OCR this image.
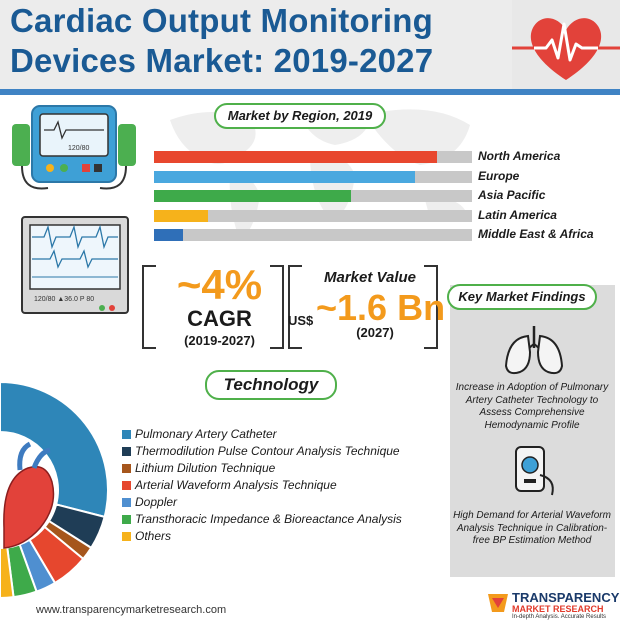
Cardiac Output Monitoring
Devices Market: 2019-2027
120/80
120/80 ▲36.0 P 80
Market by Region, 2019
North America
Europe
Asia Pacific
Latin America
Middle East & Africa
~4%
CAGR
(2019-2027)
Market Value
US$ ~1.6 Bn
(2027)
Key Market Findings
Increase in Adoption of Pulmonary Artery Catheter Technology to Assess Comprehensive Hemodynamic Profile
High Demand for Arterial Waveform Analysis Technique in Calibration-free BP Estimation Method
Technology
Pulmonary Artery Catheter
Thermodilution Pulse Contour Analysis Technique
Lithium Dilution Technique
Arterial Waveform Analysis Technique
Doppler
Transthoracic Impedance & Bioreactance Analysis
Others
www.transparencymarketresearch.com
TRANSPARENCY
MARKET RESEARCH
In-depth Analysis. Accurate Results
